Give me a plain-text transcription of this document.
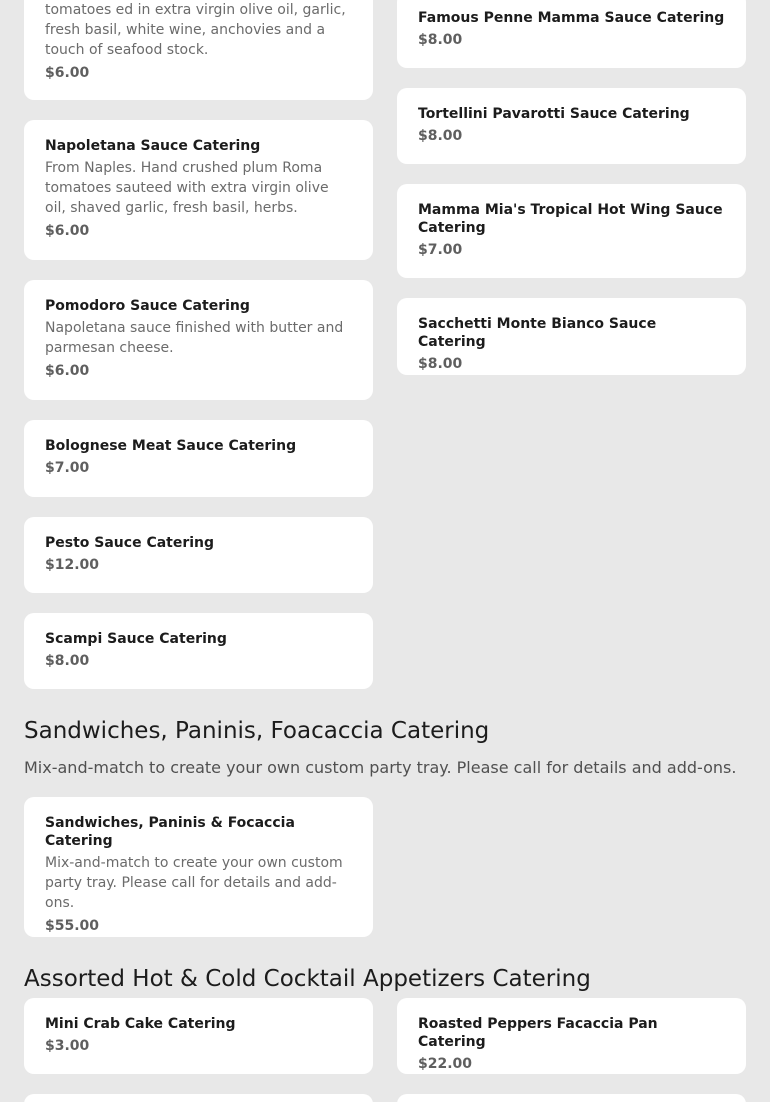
tomatoes ed in extra virgin olive oil, garlic, fresh basil, white wine, anchovies and a touch of seafood stock.
$6.00
Napoletana Sauce Catering
From Naples. Hand crushed plum Roma tomatoes sauteed with extra virgin olive oil, shaved garlic, fresh basil, herbs.
$6.00
Pomodoro Sauce Catering
Napoletana sauce finished with butter and parmesan cheese.
$6.00
Bolognese Meat Sauce Catering
$7.00
Pesto Sauce Catering
$12.00
Scampi Sauce Catering
$8.00
Famous Penne Mamma Sauce Catering
$8.00
Tortellini Pavarotti Sauce Catering
$8.00
Mamma Mia's Tropical Hot Wing Sauce Catering
$7.00
Sacchetti Monte Bianco Sauce Catering
$8.00
Sandwiches, Paninis, Foacaccia Catering

Mix-and-match to create your own custom party tray. Please call for details and add-ons.

Sandwiches, Paninis & Focaccia Catering
Mix-and-match to create your own custom party tray. Please call for details and add-ons.
$55.00
Assorted Hot & Cold Cocktail Appetizers Catering
Mini Crab Cake Catering
$3.00
Roasted Peppers Facaccia Pan Catering
$22.00
